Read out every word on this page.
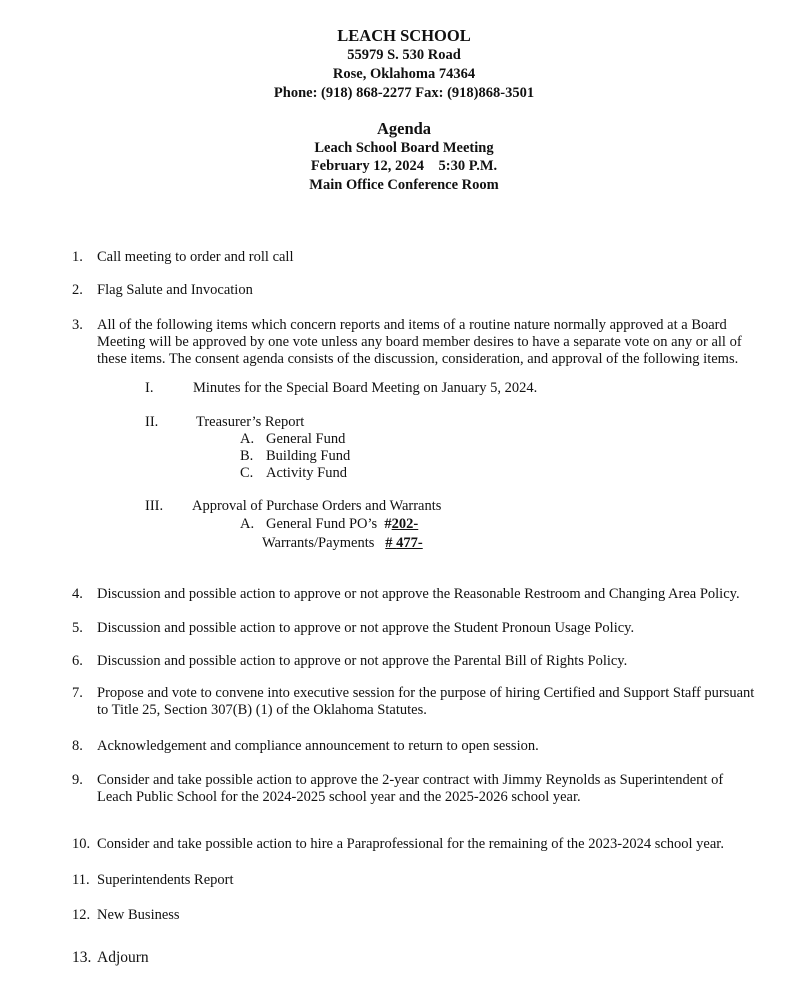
LEACH SCHOOL
55979 S. 530 Road
Rose, Oklahoma 74364
Phone: (918) 868-2277 Fax: (918)868-3501
Agenda
Leach School Board Meeting
February 12, 2024    5:30 P.M.
Main Office Conference Room
1. Call meeting to order and roll call
2. Flag Salute and Invocation
3. All of the following items which concern reports and items of a routine nature normally approved at a Board
Meeting will be approved by one vote unless any board member desires to have a separate vote on any or all of
these items. The consent agenda consists of the discussion, consideration, and approval of the following items.
4. Discussion and possible action to approve or not approve the Reasonable Restroom and Changing Area Policy.
5. Discussion and possible action to approve or not approve the Student Pronoun Usage Policy.
6. Discussion and possible action to approve or not approve the Parental Bill of Rights Policy.
7. Propose and vote to convene into executive session for the purpose of hiring Certified and Support Staff pursuant
to Title 25, Section 307(B) (1) of the Oklahoma Statutes.
8. Acknowledgement and compliance announcement to return to open session.
9. Consider and take possible action to approve the 2-year contract with Jimmy Reynolds as Superintendent of
Leach Public School for the 2024-2025 school year and the 2025-2026 school year.
10. Consider and take possible action to hire a Paraprofessional for the remaining of the 2023-2024 school year.
11. Superintendents Report
12. New Business
13. Adjourn
I.	Minutes for the Special Board Meeting on January 5, 2024.
II.	Treasurer’s Report
A. General Fund
B. Building Fund
C. Activity Fund
III. Approval of Purchase Orders and Warrants
A. General Fund PO’s #202-
Warrants/Payments # 477-
